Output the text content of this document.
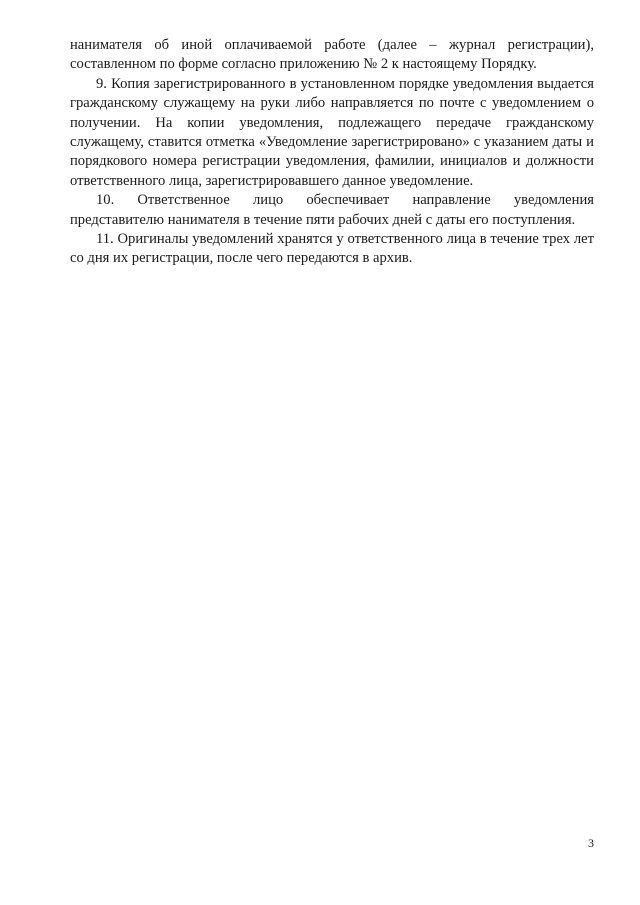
нанимателя об иной оплачиваемой работе (далее – журнал регистрации), составленном по форме согласно приложению № 2 к настоящему Порядку.

9. Копия зарегистрированного в установленном порядке уведомления выдается гражданскому служащему на руки либо направляется по почте с уведомлением о получении. На копии уведомления, подлежащего передаче гражданскому служащему, ставится отметка «Уведомление зарегистрировано» с указанием даты и порядкового номера регистрации уведомления, фамилии, инициалов и должности ответственного лица, зарегистрировавшего данное уведомление.

10. Ответственное лицо обеспечивает направление уведомления представителю нанимателя в течение пяти рабочих дней с даты его поступления.

11. Оригиналы уведомлений хранятся у ответственного лица в течение трех лет со дня их регистрации, после чего передаются в архив.

3
